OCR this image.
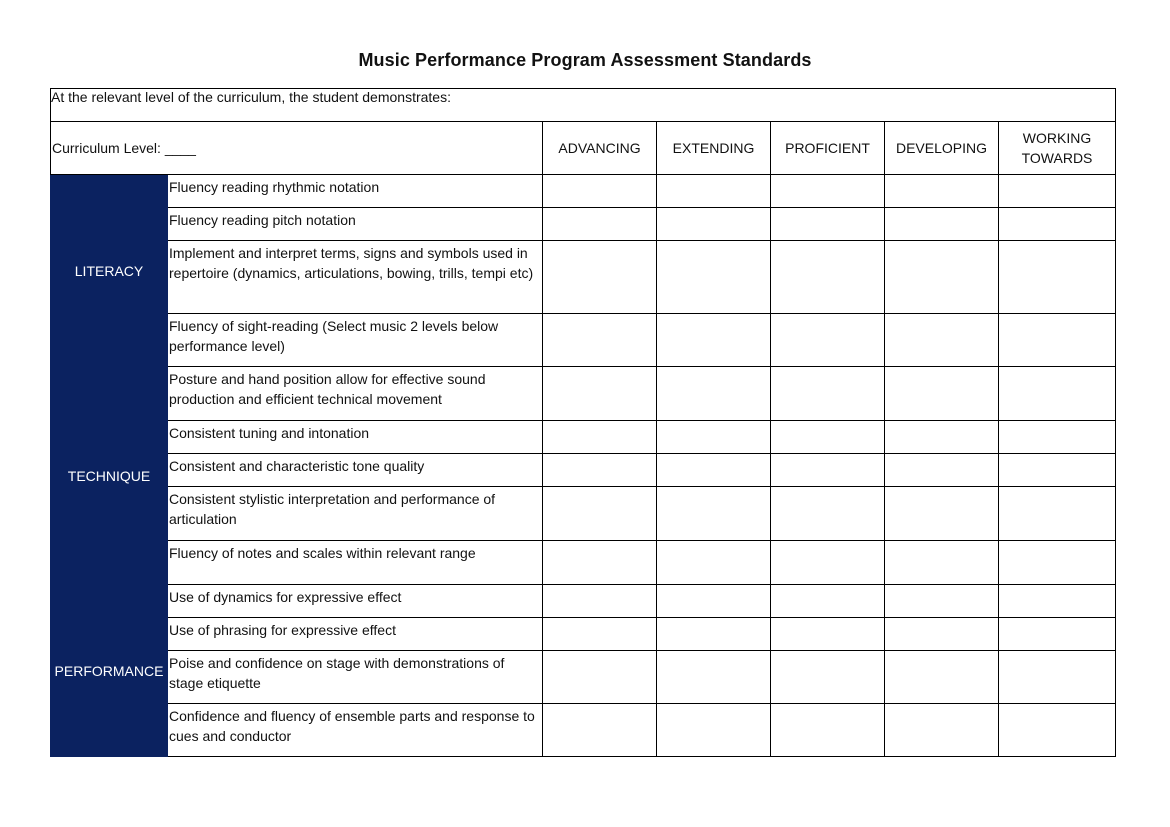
Music Performance Program Assessment Standards
At the relevant level of the curriculum, the student demonstrates:						
Curriculum Level: ____		ADVANCING	EXTENDING	PROFICIENT	DEVELOPING	WORKING TOWARDS
LITERACY	Fluency reading rhythmic notation					
	Fluency reading pitch notation					
	Implement and interpret terms, signs and symbols used in repertoire (dynamics, articulations, bowing, trills, tempi etc)					
	Fluency of sight-reading (Select music 2 levels below performance level)					
TECHNIQUE	Posture and hand position allow for effective sound production and efficient technical movement					
	Consistent tuning and intonation					
	Consistent and characteristic tone quality					
	Consistent stylistic interpretation and performance of articulation					
	Fluency of notes and scales within relevant range					
PERFORMANCE	Use of dynamics for expressive effect					
	Use of phrasing for expressive effect					
	Poise and confidence on stage with demonstrations of stage etiquette					
	Confidence and fluency of ensemble parts and response to cues and conductor					
